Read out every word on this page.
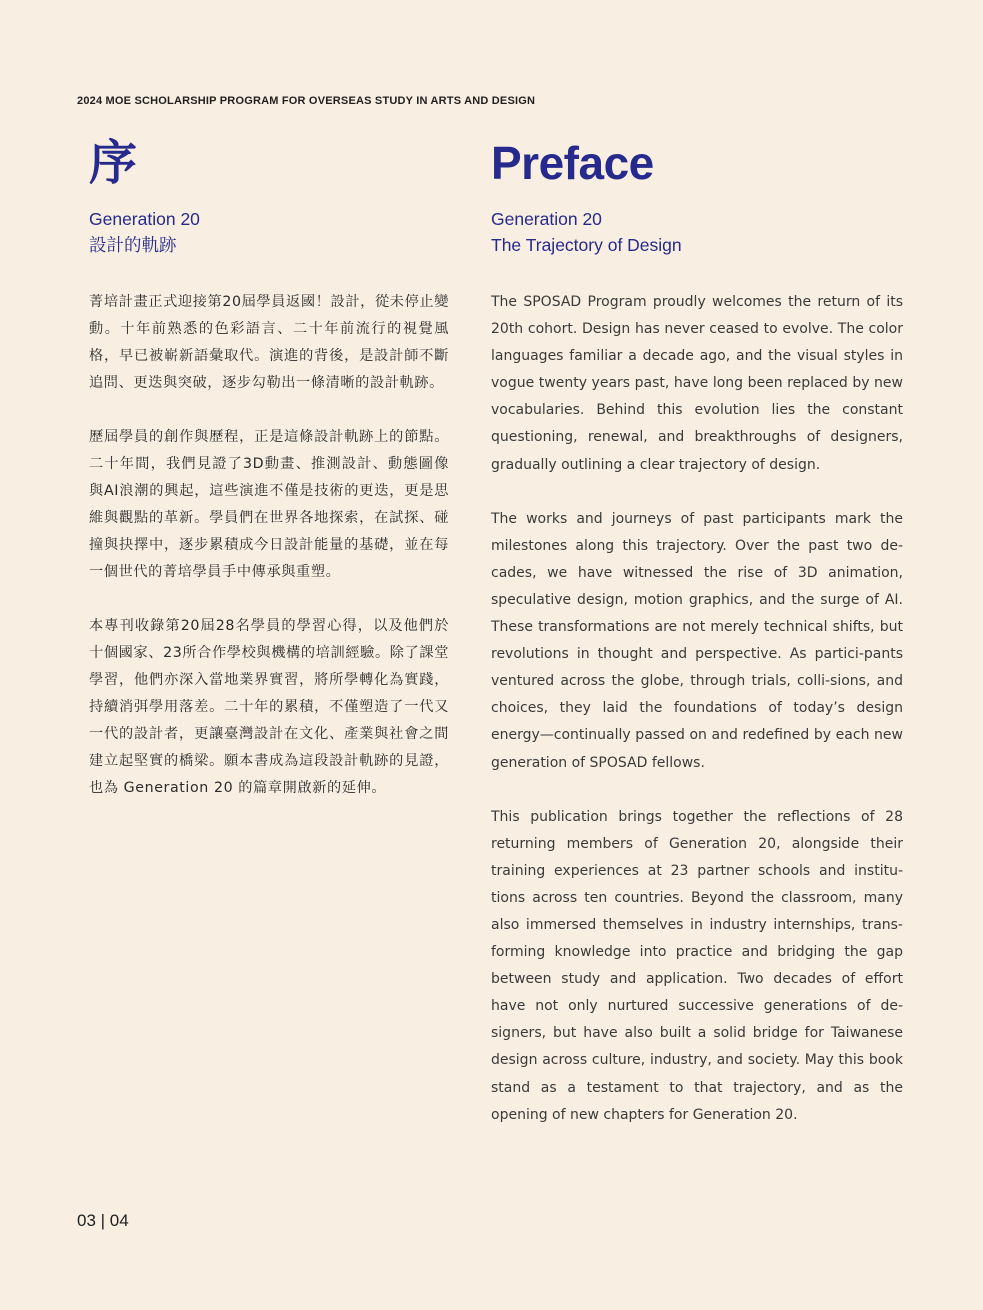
2024 MOE SCHOLARSHIP PROGRAM FOR OVERSEAS STUDY IN ARTS AND DESIGN
序
Generation 20
設計的軌跡

菁培計畫正式迎接第20屆學員返國！設計，從未停止變動。十年前熟悉的色彩語言、二十年前流行的視覺風格，早已被嶄新語彙取代。演進的背後，是設計師不斷追問、更迭與突破，逐步勾勒出一條清晰的設計軌跡。

歷屆學員的創作與歷程，正是這條設計軌跡上的節點。二十年間，我們見證了3D動畫、推測設計、動態圖像與AI浪潮的興起，這些演進不僅是技術的更迭，更是思維與觀點的革新。學員們在世界各地探索，在試探、碰撞與抉擇中，逐步累積成今日設計能量的基礎，並在每一個世代的菁培學員手中傳承與重塑。

本專刊收錄第20屆28名學員的學習心得，以及他們於十個國家、23所合作學校與機構的培訓經驗。除了課堂學習，他們亦深入當地業界實習，將所學轉化為實踐，持續消弭學用落差。二十年的累積，不僅塑造了一代又一代的設計者，更讓臺灣設計在文化、產業與社會之間建立起堅實的橋梁。願本書成為這段設計軌跡的見證，也為 Generation 20 的篇章開啟新的延伸。

Preface
Generation 20
The Trajectory of Design

The SPOSAD Program proudly welcomes the return of its 20th cohort. Design has never ceased to evolve. The color languages familiar a decade ago, and the visual styles in vogue twenty years past, have long been replaced by new vocabularies. Behind this evolution lies the constant questioning, renewal, and breakthroughs of designers, gradually outlining a clear trajectory of design.

The works and journeys of past participants mark the milestones along this trajectory. Over the past two de-cades, we have witnessed the rise of 3D animation, speculative design, motion graphics, and the surge of AI. These transformations are not merely technical shifts, but revolutions in thought and perspective. As partici-pants ventured across the globe, through trials, colli-sions, and choices, they laid the foundations of today’s design energy—continually passed on and redefined by each new generation of SPOSAD fellows.

This publication brings together the reflections of 28 returning members of Generation 20, alongside their training experiences at 23 partner schools and institu-tions across ten countries. Beyond the classroom, many also immersed themselves in industry internships, trans-forming knowledge into practice and bridging the gap between study and application. Two decades of effort have not only nurtured successive generations of de-signers, but have also built a solid bridge for Taiwanese design across culture, industry, and society. May this book stand as a testament to that trajectory, and as the opening of new chapters for Generation 20.

03 | 04
